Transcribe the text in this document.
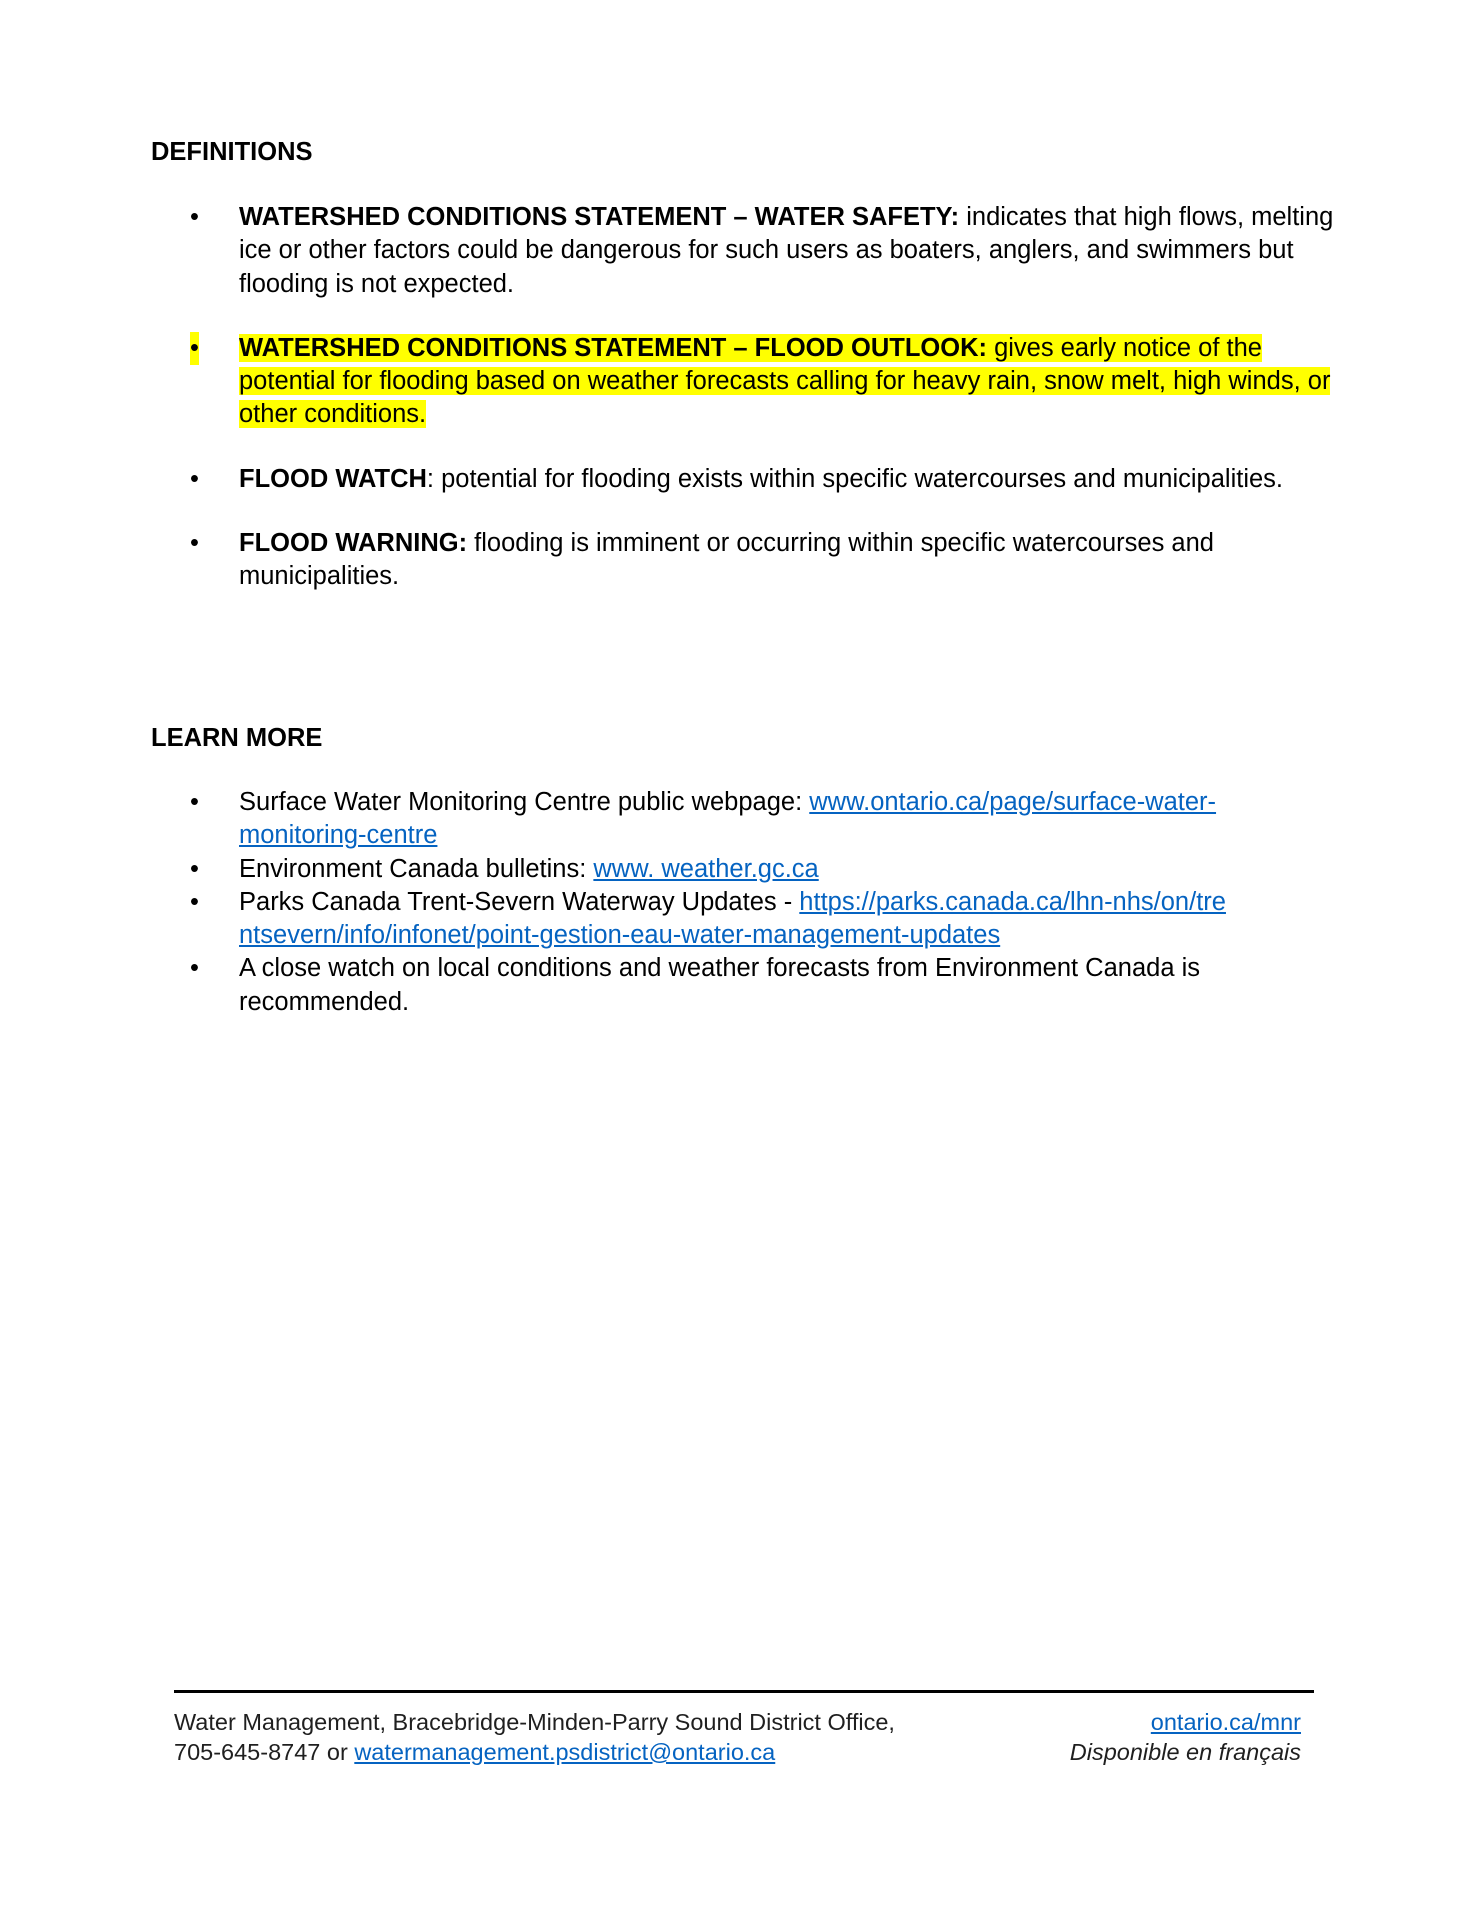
DEFINITIONS

• WATERSHED CONDITIONS STATEMENT – WATER SAFETY: indicates that high flows, melting ice or other factors could be dangerous for such users as boaters, anglers, and swimmers but flooding is not expected.
• WATERSHED CONDITIONS STATEMENT – FLOOD OUTLOOK: gives early notice of the potential for flooding based on weather forecasts calling for heavy rain, snow melt, high winds, or other conditions.
• FLOOD WATCH: potential for flooding exists within specific watercourses and municipalities.
• FLOOD WARNING: flooding is imminent or occurring within specific watercourses and municipalities.

LEARN MORE

• Surface Water Monitoring Centre public webpage: www.ontario.ca/page/surface-water-monitoring-centre
• Environment Canada bulletins: www. weather.gc.ca
• Parks Canada Trent-Severn Waterway Updates - https://parks.canada.ca/lhn-nhs/on/trentsevern/info/infonet/point-gestion-eau-water-management-updates
• A close watch on local conditions and weather forecasts from Environment Canada is recommended.
Water Management, Bracebridge-Minden-Parry Sound District Office,
705-645-8747 or watermanagement.psdistrict@ontario.ca
ontario.ca/mnr
Disponible en français
